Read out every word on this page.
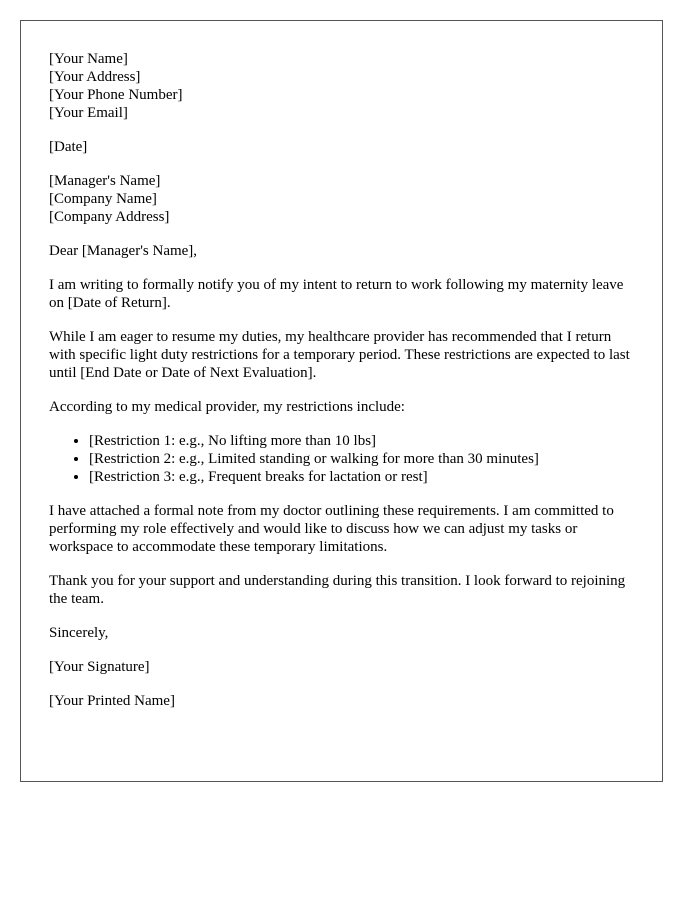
[Your Name]
[Your Address]
[Your Phone Number]
[Your Email]

[Date]

[Manager's Name]
[Company Name]
[Company Address]

Dear [Manager's Name],

I am writing to formally notify you of my intent to return to work following my maternity leave on [Date of Return].

While I am eager to resume my duties, my healthcare provider has recommended that I return with specific light duty restrictions for a temporary period. These restrictions are expected to last until [End Date or Date of Next Evaluation].

According to my medical provider, my restrictions include:

• [Restriction 1: e.g., No lifting more than 10 lbs]
• [Restriction 2: e.g., Limited standing or walking for more than 30 minutes]
• [Restriction 3: e.g., Frequent breaks for lactation or rest]

I have attached a formal note from my doctor outlining these requirements. I am committed to performing my role effectively and would like to discuss how we can adjust my tasks or workspace to accommodate these temporary limitations.

Thank you for your support and understanding during this transition. I look forward to rejoining the team.

Sincerely,

[Your Signature]

[Your Printed Name]
